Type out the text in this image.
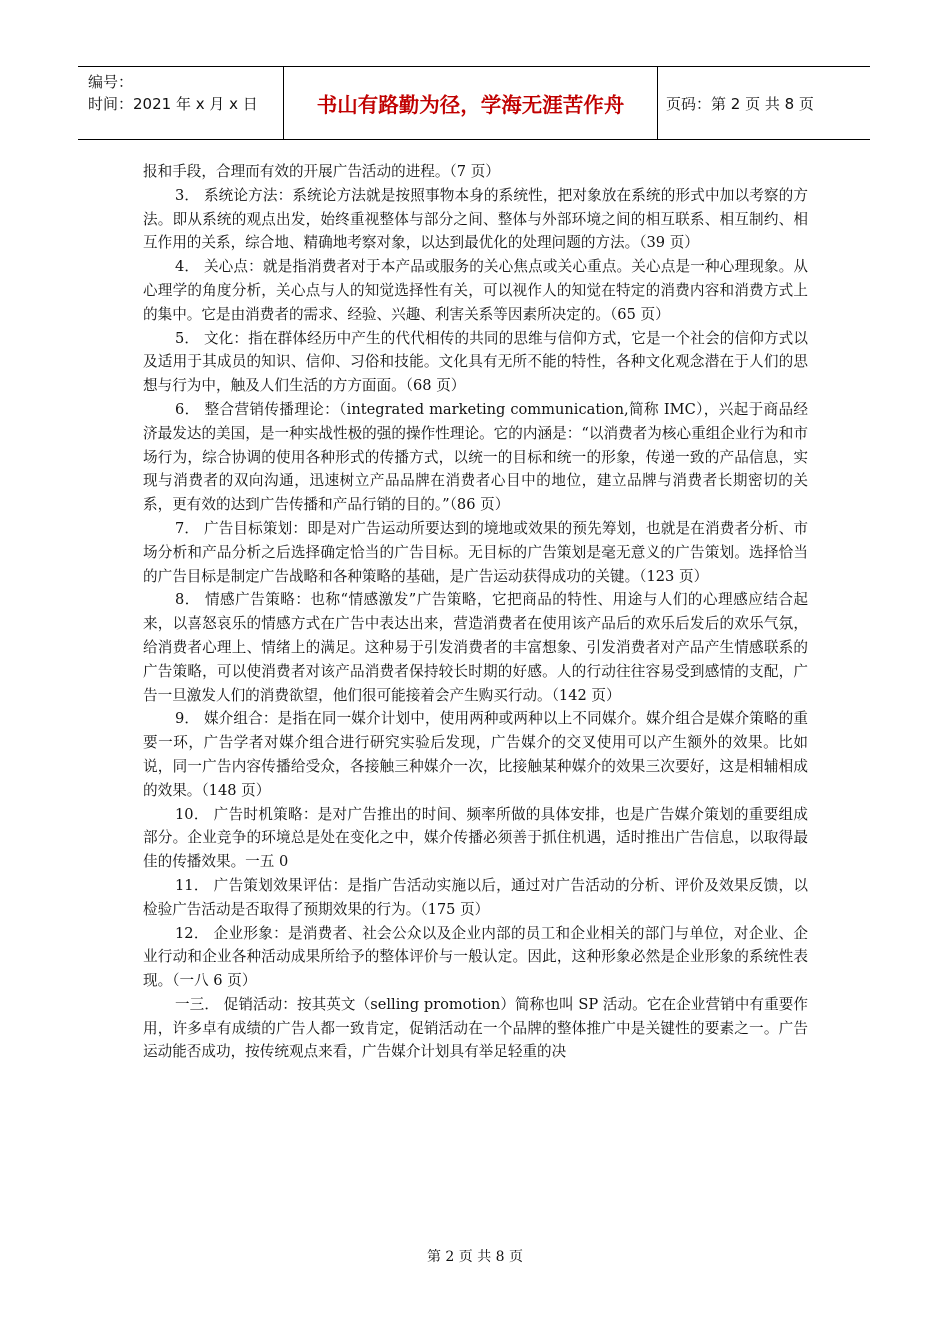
编号：
时间：2021 年 x 月 x 日	书山有路勤为径，学海无涯苦作舟	页码：第 2 页 共 8 页

报和手段，合理而有效的开展广告活动的进程。（7 页）

3． 系统论方法：系统论方法就是按照事物本身的系统性，把对象放在系统的形式中加以考察的方法。即从系统的观点出发，始终重视整体与部分之间、整体与外部环境之间的相互联系、相互制约、相互作用的关系，综合地、精确地考察对象，以达到最优化的处理问题的方法。（39 页）

4． 关心点：就是指消费者对于本产品或服务的关心焦点或关心重点。关心点是一种心理现象。从心理学的角度分析，关心点与人的知觉选择性有关，可以视作人的知觉在特定的消费内容和消费方式上的集中。它是由消费者的需求、经验、兴趣、利害关系等因素所决定的。（65 页）

5． 文化：指在群体经历中产生的代代相传的共同的思维与信仰方式，它是一个社会的信仰方式以及适用于其成员的知识、信仰、习俗和技能。文化具有无所不能的特性，各种文化观念潜在于人们的思想与行为中，触及人们生活的方方面面。（68 页）

6． 整合营销传播理论：（integrated marketing communication,简称 IMC），兴起于商品经济最发达的美国，是一种实战性极的强的操作性理论。它的内涵是：“以消费者为核心重组企业行为和市场行为，综合协调的使用各种形式的传播方式，以统一的目标和统一的形象，传递一致的产品信息，实现与消费者的双向沟通，迅速树立产品品牌在消费者心目中的地位，建立品牌与消费者长期密切的关系，更有效的达到广告传播和产品行销的目的。”（86 页）

7． 广告目标策划：即是对广告运动所要达到的境地或效果的预先筹划，也就是在消费者分析、市场分析和产品分析之后选择确定恰当的广告目标。无目标的广告策划是毫无意义的广告策划。选择恰当的广告目标是制定广告战略和各种策略的基础，是广告运动获得成功的关键。（123 页）

8． 情感广告策略：也称“情感激发”广告策略，它把商品的特性、用途与人们的心理感应结合起来，以喜怒哀乐的情感方式在广告中表达出来，营造消费者在使用该产品后的欢乐后发后的欢乐气氛，给消费者心理上、情绪上的满足。这种易于引发消费者的丰富想象、引发消费者对产品产生情感联系的广告策略，可以使消费者对该产品消费者保持较长时期的好感。人的行动往往容易受到感情的支配，广告一旦激发人们的消费欲望，他们很可能接着会产生购买行动。（142 页）

9． 媒介组合：是指在同一媒介计划中，使用两种或两种以上不同媒介。媒介组合是媒介策略的重要一环，广告学者对媒介组合进行研究实验后发现，广告媒介的交叉使用可以产生额外的效果。比如说，同一广告内容传播给受众，各接触三种媒介一次，比接触某种媒介的效果三次要好，这是相辅相成的效果。（148 页）

10． 广告时机策略：是对广告推出的时间、频率所做的具体安排，也是广告媒介策划的重要组成部分。企业竞争的环境总是处在变化之中，媒介传播必须善于抓住机遇，适时推出广告信息，以取得最佳的传播效果。一五 0

11． 广告策划效果评估：是指广告活动实施以后，通过对广告活动的分析、评价及效果反馈，以检验广告活动是否取得了预期效果的行为。（175 页）

12． 企业形象：是消费者、社会公众以及企业内部的员工和企业相关的部门与单位，对企业、企业行动和企业各种活动成果所给予的整体评价与一般认定。因此，这种形象必然是企业形象的系统性表现。（一八 6 页）

一三． 促销活动：按其英文（selling promotion）简称也叫 SP 活动。它在企业营销中有重要作用，许多卓有成绩的广告人都一致肯定，促销活动在一个品牌的整体推广中是关键性的要素之一。广告运动能否成功，按传统观点来看，广告媒介计划具有举足轻重的决

第 2 页 共 8 页
